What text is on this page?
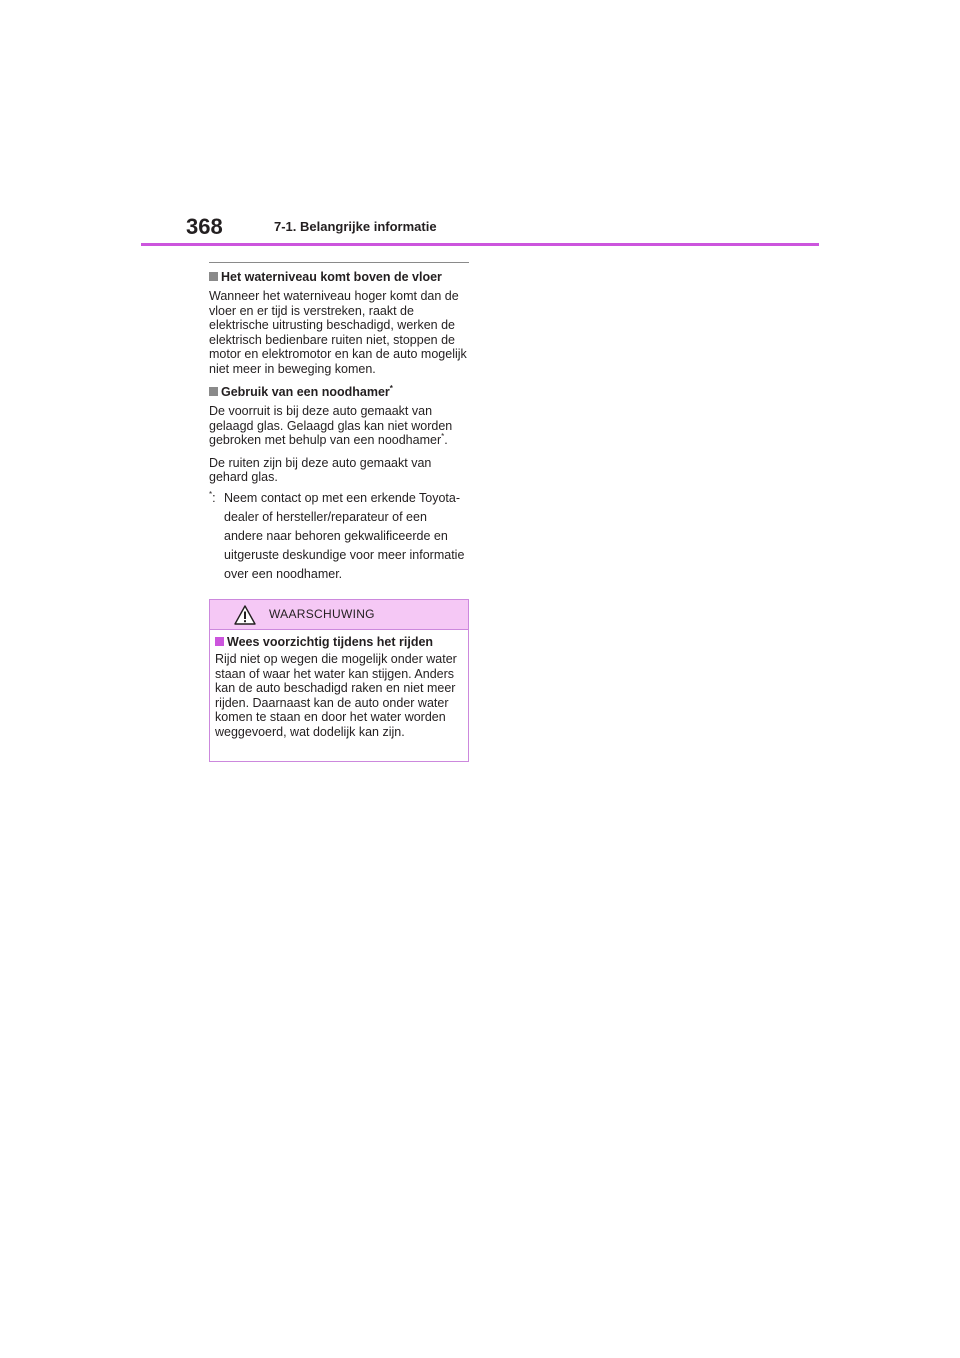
368	7-1. Belangrijke informatie
Het waterniveau komt boven de vloer

Wanneer het waterniveau hoger komt dan de vloer en er tijd is verstreken, raakt de elektrische uitrusting beschadigd, werken de elektrisch bedienbare ruiten niet, stoppen de motor en elektromotor en kan de auto mogelijk niet meer in beweging komen.

Gebruik van een noodhamer*

De voorruit is bij deze auto gemaakt van gelaagd glas. Gelaagd glas kan niet worden gebroken met behulp van een noodhamer*.

De ruiten zijn bij deze auto gemaakt van gehard glas.

*: Neem contact op met een erkende Toyota-dealer of hersteller/reparateur of een andere naar behoren gekwalificeerde en uitgeruste deskundige voor meer informatie over een noodhamer.
WAARSCHUWING
Wees voorzichtig tijdens het rijden

Rijd niet op wegen die mogelijk onder water staan of waar het water kan stijgen. Anders kan de auto beschadigd raken en niet meer rijden. Daarnaast kan de auto onder water komen te staan en door het water worden weggevoerd, wat dodelijk kan zijn.
